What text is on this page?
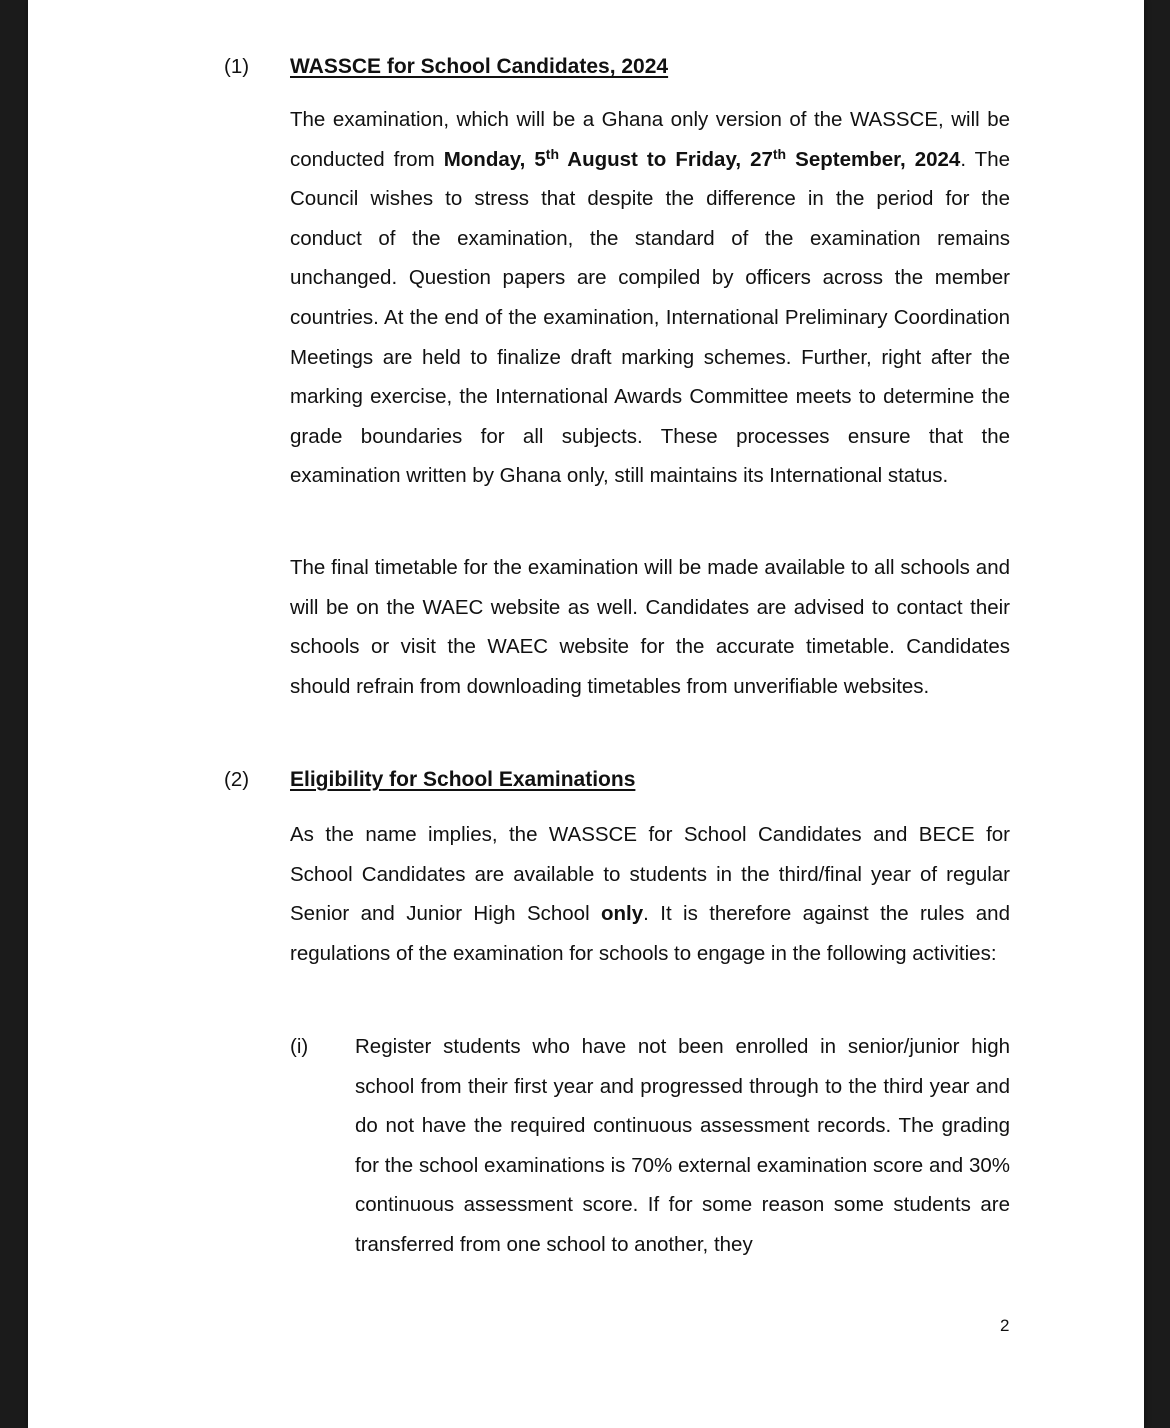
(1) WASSCE for School Candidates, 2024

The examination, which will be a Ghana only version of the WASSCE, will be conducted from Monday, 5th August to Friday, 27th September, 2024. The Council wishes to stress that despite the difference in the period for the conduct of the examination, the standard of the examination remains unchanged. Question papers are compiled by officers across the member countries. At the end of the examination, International Preliminary Coordination Meetings are held to finalize draft marking schemes. Further, right after the marking exercise, the International Awards Committee meets to determine the grade boundaries for all subjects. These processes ensure that the examination written by Ghana only, still maintains its International status.

The final timetable for the examination will be made available to all schools and will be on the WAEC website as well. Candidates are advised to contact their schools or visit the WAEC website for the accurate timetable. Candidates should refrain from downloading timetables from unverifiable websites.

(2) Eligibility for School Examinations

As the name implies, the WASSCE for School Candidates and BECE for School Candidates are available to students in the third/final year of regular Senior and Junior High School only. It is therefore against the rules and regulations of the examination for schools to engage in the following activities:

(i) Register students who have not been enrolled in senior/junior high school from their first year and progressed through to the third year and do not have the required continuous assessment records. The grading for the school examinations is 70% external examination score and 30% continuous assessment score. If for some reason some students are transferred from one school to another, they

2
